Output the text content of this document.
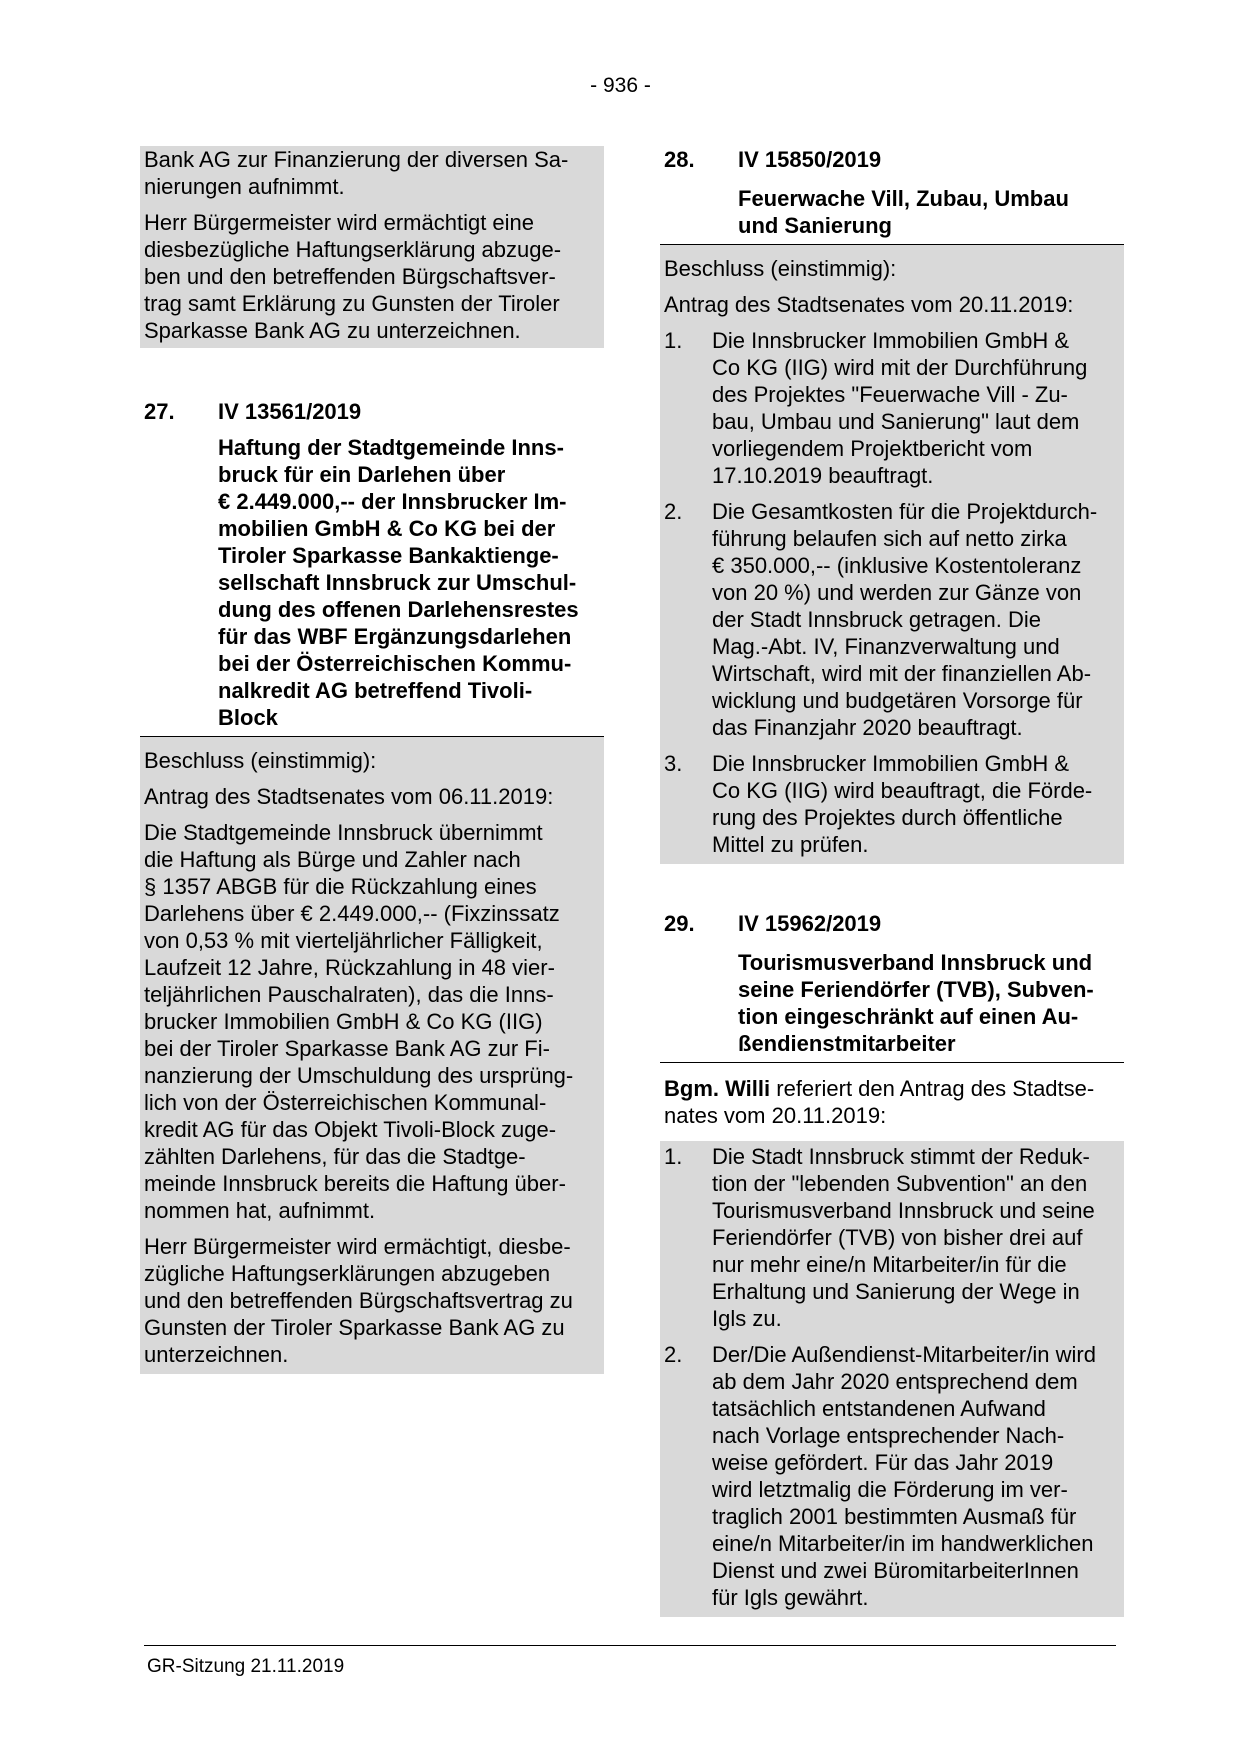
- 936 -

Bank AG zur Finanzierung der diversen Sa-
nierungen aufnimmt.

Herr Bürgermeister wird ermächtigt eine
diesbezügliche Haftungserklärung abzuge-
ben und den betreffenden Bürgschaftsver-
trag samt Erklärung zu Gunsten der Tiroler
Sparkasse Bank AG zu unterzeichnen.

27.	IV 13561/2019
Haftung der Stadtgemeinde Inns-
bruck für ein Darlehen über
€ 2.449.000,-- der Innsbrucker Im-
mobilien GmbH & Co KG bei der
Tiroler Sparkasse Bankaktienge-
sellschaft Innsbruck zur Umschul-
dung des offenen Darlehensrestes
für das WBF Ergänzungsdarlehen
bei der Österreichischen Kommu-
nalkredit AG betreffend Tivoli-
Block

Beschluss (einstimmig):

Antrag des Stadtsenates vom 06.11.2019:

Die Stadtgemeinde Innsbruck übernimmt
die Haftung als Bürge und Zahler nach
§ 1357 ABGB für die Rückzahlung eines
Darlehens über € 2.449.000,-- (Fixzinssatz
von 0,53 % mit vierteljährlicher Fälligkeit,
Laufzeit 12 Jahre, Rückzahlung in 48 vier-
teljährlichen Pauschalraten), das die Inns-
brucker Immobilien GmbH & Co KG (IIG)
bei der Tiroler Sparkasse Bank AG zur Fi-
nanzierung der Umschuldung des ursprüng-
lich von der Österreichischen Kommunal-
kredit AG für das Objekt Tivoli-Block zuge-
zählten Darlehens, für das die Stadtge-
meinde Innsbruck bereits die Haftung über-
nommen hat, aufnimmt.

Herr Bürgermeister wird ermächtigt, diesbe-
zügliche Haftungserklärungen abzugeben
und den betreffenden Bürgschaftsvertrag zu
Gunsten der Tiroler Sparkasse Bank AG zu
unterzeichnen.

28.	IV 15850/2019
Feuerwache Vill, Zubau, Umbau
und Sanierung

Beschluss (einstimmig):

Antrag des Stadtsenates vom 20.11.2019:

1.	Die Innsbrucker Immobilien GmbH &
Co KG (IIG) wird mit der Durchführung
des Projektes "Feuerwache Vill - Zu-
bau, Umbau und Sanierung" laut dem
vorliegendem Projektbericht vom
17.10.2019 beauftragt.
2.	Die Gesamtkosten für die Projektdurch-
führung belaufen sich auf netto zirka
€ 350.000,-- (inklusive Kostentoleranz
von 20 %) und werden zur Gänze von
der Stadt Innsbruck getragen. Die
Mag.-Abt. IV, Finanzverwaltung und
Wirtschaft, wird mit der finanziellen Ab-
wicklung und budgetären Vorsorge für
das Finanzjahr 2020 beauftragt.
3.	Die Innsbrucker Immobilien GmbH &
Co KG (IIG) wird beauftragt, die Förde-
rung des Projektes durch öffentliche
Mittel zu prüfen.
29.	IV 15962/2019
Tourismusverband Innsbruck und
seine Feriendörfer (TVB), Subven-
tion eingeschränkt auf einen Au-
ßendienstmitarbeiter

Bgm. Willi referiert den Antrag des Stadtse-
nates vom 20.11.2019:

1.	Die Stadt Innsbruck stimmt der Reduk-
tion der "lebenden Subvention" an den
Tourismusverband Innsbruck und seine
Feriendörfer (TVB) von bisher drei auf
nur mehr eine/n Mitarbeiter/in für die
Erhaltung und Sanierung der Wege in
Igls zu.
2.	Der/Die Außendienst-Mitarbeiter/in wird
ab dem Jahr 2020 entsprechend dem
tatsächlich entstandenen Aufwand
nach Vorlage entsprechender Nach-
weise gefördert. Für das Jahr 2019
wird letztmalig die Förderung im ver-
traglich 2001 bestimmten Ausmaß für
eine/n Mitarbeiter/in im handwerklichen
Dienst und zwei BüromitarbeiterInnen
für Igls gewährt.
GR-Sitzung 21.11.2019
